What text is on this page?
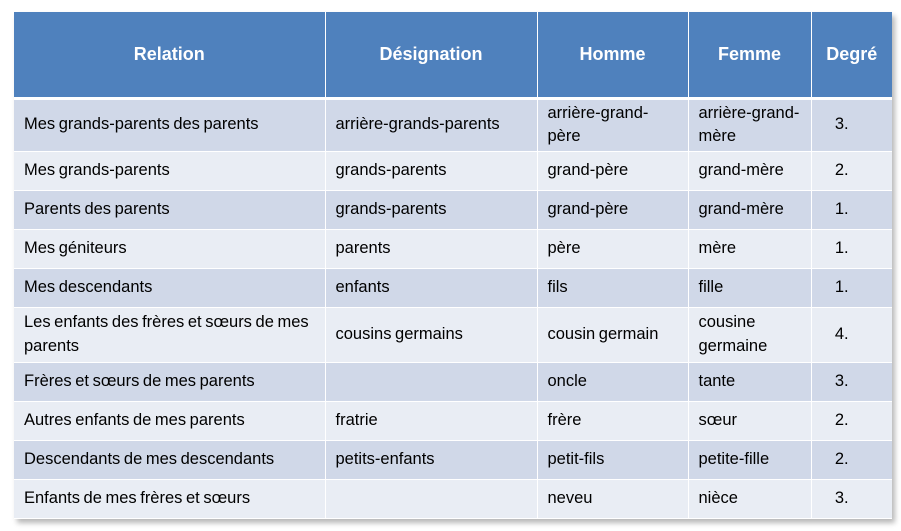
Relation	Désignation	Homme	Femme	Degré
Mes grands-parents des parents	arrière-grands-parents	arrière-grand-père	arrière-grand-mère	3.
Mes grands-parents	grands-parents	grand-père	grand-mère	2.
Parents des parents	grands-parents	grand-père	grand-mère	1.
Mes géniteurs	parents	père	mère	1.
Mes descendants	enfants	fils	fille	1.
Les enfants des frères et sœurs de mes parents	cousins germains	cousin germain	cousine germaine	4.
Frères et sœurs de mes parents		oncle	tante	3.
Autres enfants de mes parents	fratrie	frère	sœur	2.
Descendants de mes descendants	petits-enfants	petit-fils	petite-fille	2.
Enfants de mes frères et sœurs		neveu	nièce	3.
